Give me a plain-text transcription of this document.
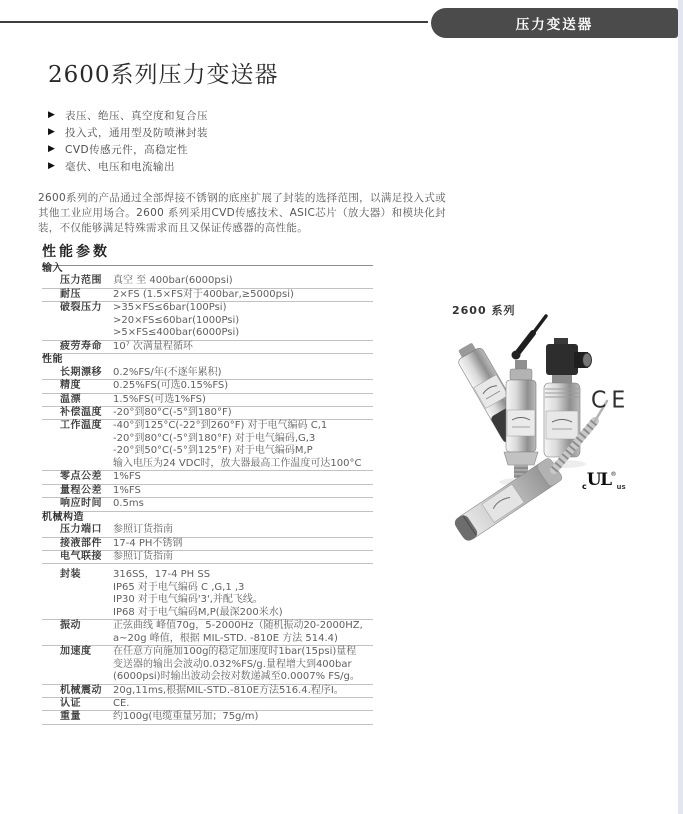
压力变送器
2600系列压力变送器
▶ 表压、绝压、真空度和复合压
▶ 投入式，通用型及防喷淋封装
▶ CVD传感元件，高稳定性
▶ 毫伏、电压和电流输出

2600系列的产品通过全部焊接不锈钢的底座扩展了封装的选择范围，以满足投入式或 其他工业应用场合。2600 系列采用CVD传感技术、ASIC芯片（放大器）和模块化封装，不仅能够满足特殊需求而且又保证传感器的高性能。

性能参数
输入
压力范围	真空 至 400bar(6000psi)
耐压	2×FS (1.5×FS对于400bar,≥5000psi)
破裂压力	>35×FS≤6bar(100Psi)
>20×FS≤60bar(1000Psi)
>5×FS≤400bar(6000Psi)
疲劳寿命	10⁷ 次满量程循环
性能
长期漂移	0.2%FS/年(不逐年累积)
精度	0.25%FS(可选0.15%FS)
温漂	1.5%FS(可选1%FS)
补偿温度	-20°到80°C(-5°到180°F)
工作温度	-40°到125°C(-22°到260°F) 对于电气编码 C,1
-20°到80°C(-5°到180°F) 对于电气编码,G,3
-20°到50°C(-5°到125°F) 对于电气编码M,P
输入电压为24 VDC时，放大器最高工作温度可达100°C
零点公差	1%FS
量程公差	1%FS
响应时间	0.5ms
机械构造
压力端口	参照订货指南
接液部件	17-4 PH不锈钢
电气联接	参照订货指南
封装	316SS，17-4 PH SS
IP65 对于电气编码 C ,G,1 ,3
IP30 对于电气编码'3',并配飞线。
IP68 对于电气编码M,P(最深200米水)
振动	正弦曲线 峰值70g，5-2000Hz（随机振动20-2000HZ,
a~20g 峰值，根据 MIL-STD. -810E 方法 514.4)
加速度	在任意方向施加100g的稳定加速度时1bar(15psi)量程
变送器的输出会波动0.032%FS/g.量程增大到400bar
(6000psi)时输出波动会按对数递减至0.0007% FS/g。
机械震动	20g,11ms,根据MIL-STD.-810E方法516.4.程序I。
认证	CE.
重量	约100g(电缆重量另加；75g/m)
2600 系列
CE
$_cUL®_{us}$
